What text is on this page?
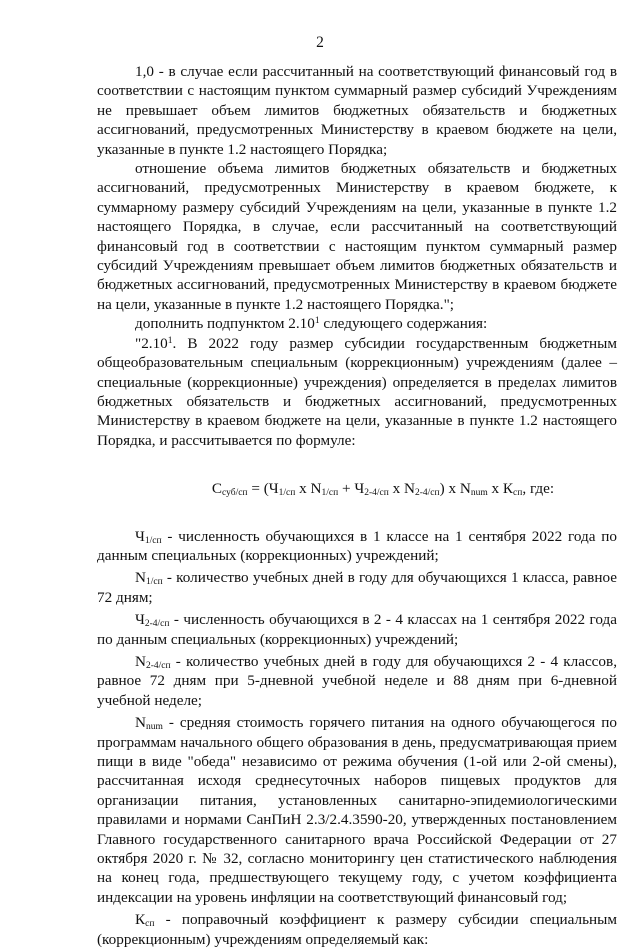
2

1,0 - в случае если рассчитанный на соответствующий финансовый год в соответствии с настоящим пунктом суммарный размер субсидий Учреждениям не превышает объем лимитов бюджетных обязательств и бюджетных ассигнований, предусмотренных Министерству в краевом бюджете на цели, указанные в пункте 1.2 настоящего Порядка;

отношение объема лимитов бюджетных обязательств и бюджетных ассигнований, предусмотренных Министерству в краевом бюджете, к суммарному размеру субсидий Учреждениям на цели, указанные в пункте 1.2 настоящего Порядка, в случае, если рассчитанный на соответствующий финансовый год в соответствии с настоящим пунктом суммарный размер субсидий Учреждениям превышает объем лимитов бюджетных обязательств и бюджетных ассигнований, предусмотренных Министерству в краевом бюджете на цели, указанные в пункте 1.2 настоящего Порядка.";

дополнить подпунктом 2.10$^1$ следующего содержания:

"2.10$^1$. В 2022 году размер субсидии государственным бюджетным общеобразовательным специальным (коррекционным) учреждениям (далее – специальные (коррекционные) учреждения) определяется в пределах лимитов бюджетных обязательств и бюджетных ассигнований, предусмотренных Министерству в краевом бюджете на цели, указанные в пункте 1.2 настоящего Порядка, и рассчитывается по формуле:

$С_{суб/сп} = (Ч_{1/сп}$ x $N_{1/сп} + Ч_{2-4/сп}$ x $N_{2-4/сп}$) x $N_{num}$ x $К_{сп}$, где:

$Ч_{1/сп}$ - численность обучающихся в 1 классе на 1 сентября 2022 года по данным специальных (коррекционных) учреждений;

$N_{1/сп}$ - количество учебных дней в году для обучающихся 1 класса, равное 72 дням;

$Ч_{2-4/сп}$ - численность обучающихся в 2 - 4 классах на 1 сентября 2022 года по данным специальных (коррекционных) учреждений;

$N_{2-4/сп}$ - количество учебных дней в году для обучающихся 2 - 4 классов, равное 72 дням при 5-дневной учебной неделе и 88 дням при 6-дневной учебной неделе;

$N_{num}$ - средняя стоимость горячего питания на одного обучающегося по программам начального общего образования в день, предусматривающая прием пищи в виде "обеда" независимо от режима обучения (1-ой или 2-ой смены), рассчитанная исходя среднесуточных наборов пищевых продуктов для организации питания, установленных санитарно-эпидемиологическими правилами и нормами СанПиН 2.3/2.4.3590-20, утвержденных постановлением Главного государственного санитарного врача Российской Федерации от 27 октября 2020 г. № 32, согласно мониторингу цен статистического наблюдения на конец года, предшествующего текущему году, с учетом коэффициента индексации на уровень инфляции на соответствующий финансовый год;

$К_{сп}$ - поправочный коэффициент к размеру субсидии специальным (коррекционным) учреждениям определяемый как:
